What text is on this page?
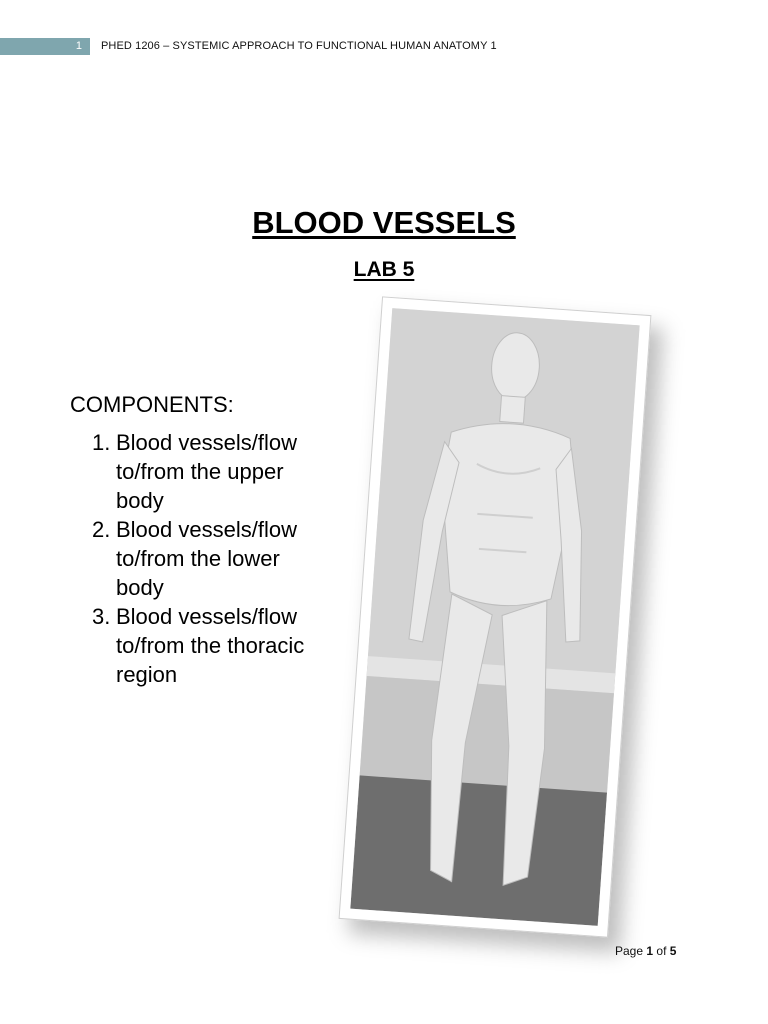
1 PHED 1206 – SYSTEMIC APPROACH TO FUNCTIONAL HUMAN ANATOMY 1
BLOOD VESSELS
LAB 5
COMPONENTS:
1. Blood vessels/flow to/from the upper body
2. Blood vessels/flow to/from the lower body
3. Blood vessels/flow to/from the thoracic region
Page 1 of 5
